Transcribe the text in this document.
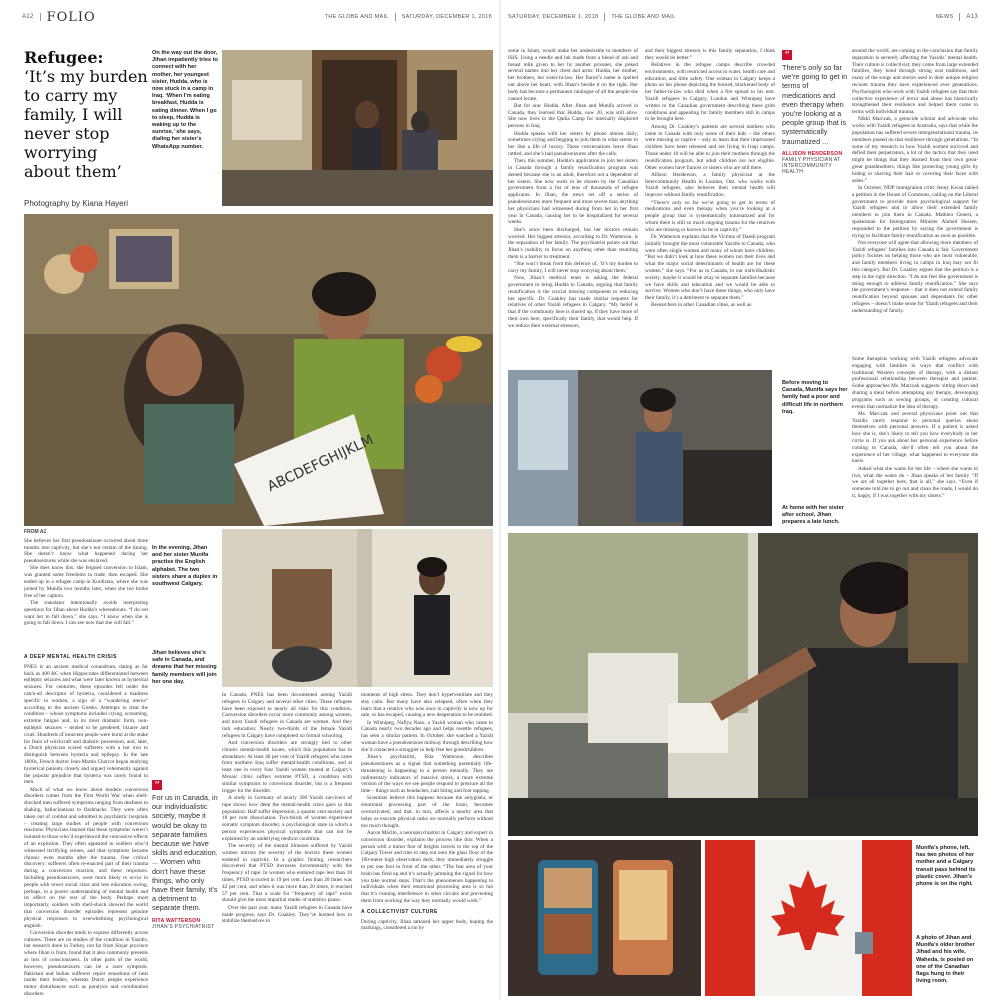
A12 FOLIO	THE GLOBE AND MAIL SATURDAY, DECEMBER 1, 2018
Refugee:
‘It’s my burden to carry my family, I will never stop worrying about them’
Photography by Kiana Hayeri
On the way out the door, Jihan impatiently tries to connect with her mother, her youngest sister, Hudda, who is now stuck in a camp in Iraq. ‘When I’m eating breakfast, Hudda is eating dinner. When I go to sleep, Hudda is waking up to the sunrise,’ she says, dialing her sister’s WhatsApp number.
ABCDEFGHIJKLM
FROM A1

She believes her first pseudoseizure occurred about three months into captivity, but she’s not certain of the timing. She doesn’t know what happened during her pseudoseizures while she was enslaved.

She does know this: she feigned conversion to Islam, was granted some freedoms in trade, then escaped. She ended up in a refugee camp in Kurdistan, where she was joined by Munifa two months later, when she too broke free of her captors.

The translator intentionally avoids interpreting questions for Jihan about Hudda’s whereabouts. “I do not want her to fall down,” she says. “I know when she is going to fall down. I can see now that she will fall.”

A DEEP MENTAL HEALTH CRISIS

PNES is an ancient medical conundrum, dating as far back as 400 BC when Hippocrates differentiated between epileptic seizures and what were later known as hysterical seizures. For centuries, these episodes fell under the catch-all descriptor of hysteria, considered a madness specific to women, a sign of a “wandering uterus” according to the ancient Greeks. Attempts to treat the condition – whose symptoms included crying, screaming, extreme fatigue and, in its most dramatic form, non-epileptic seizures – tended to be gendered, bizarre and cruel. Hundreds of innocent people were burnt at the stake for fears of witchcraft and diabolic possession, and, later, a Dutch physician scared sufferers with a hot iron to distinguish between hysteria and epilepsy. In the late 1800s, French doctor Jean-Martin Charcot began studying hysterical patients closely and argued vehemently against the popular prejudice that hysteria was rarely found in men.

Much of what we know about modern conversion disorders comes from the First World War when shell-shocked men suffered symptoms ranging from deafness to shaking, hallucinations to flashbacks. They were often taken out of combat and admitted to psychiatric hospitals – creating large studies of people with conversion reactions. Physicians learned that these symptoms weren’t isolated to those who’d experienced the concussive effects of an explosion. They often appeared in soldiers who’d witnessed terrifying scenes, and that symptoms became chronic even months after the trauma. One critical discovery: sufferers often re-enacted part of their trauma during a conversion reaction, and these responses. Including pseudoseizures, were more likely to occur in people with lower social class and less education owing, perhaps, to a poorer understanding of mental health and its effect on the rest of the body. Perhaps most importantly, soldiers with shell-shock showed the world that conversion disorder episodes represent genuine physical responses to overwhelming psychological anguish.

Conversion disorder tends to express differently across cultures. There are no studies of the condition in Yazidis, but research done in Turkey, not far from Sinjar province where Jihan is from, found that it also commonly presents as loss of consciousness. In other parts of the world, however, pseudoseizures can be a rarer symptom. Pakistani and Indian sufferers report sensations of heat inside their bodies, whereas Dutch people experience motor disturbances such as paralysis and coordination disorders.

In the evening, Jihan and her sister Munifa practise the English alphabet. The two sisters share a duplex in southwest Calgary.
Jihan believes she’s safe in Canada, and dreams that her missing family members will join her one day.
“
For us in Canada, in our individualistic society, maybe it would be okay to separate families because we have skills and education. ... Women who don’t have these things, who only have their family, it’s a detriment to separate them.
RITA WATTERSON
JIHAN’S PSYCHIATRIST

In Canada, PNES has been documented among Yazidi refugees in Calgary and several other cities. These refugees have been exposed to nearly all risks for this condition. Conversion disorders occur more commonly among women, and most Yazidi refugees in Canada are women. And they lack education: Nearly two-thirds of the female Yazidi refugees in Calgary have completed no formal schooling.

And conversion disorders are strongly tied to other chronic mental-health issues, which this population has in abundance: At least 40 per cent of Yazidi refugees who came from northern Iraq suffer mental-health conditions, and at least one in every four Yazidi women treated at Calgary’s Mosaic clinic suffers extreme PTSD, a condition with similar symptoms to conversion disorder, but is a frequent trigger for the disorder.

A study in Germany of nearly 300 Yazidi survivors of rape shows how deep the mental-health crisis goes in this population: Half suffer depression, a quarter cent anxiety and 18 per cent dissociation. Two-thirds of women experience somatic symptom disorder, a psychological state in which a person experiences physical symptoms that can not be explained by an underlying medical condition.

The severity of the mental illnesses suffered by Yazidi women mirrors the severity of the horrors these women endured in captivity. In a graphic finding, researchers discovered that PTSD increases incrementally with the frequency of rape: In women who endured rape less than 10 times, PTSD occurred in 19 per cent. Less than 20 times was 42 per cent, and when it was more than 20 times, it reached 57 per cent. That a scale for “frequency of rape” exists should give the most impartial reader of statistics pause.

Over the past year, many Yazidi refugees in Canada have made progress, says Dr. Coakley. They’ve learned how to stabilize themselves in

moments of high stress. They don’t hyperventilate and they stay calm. But many have also relapsed, often when they learn that a relative who was once in captivity is now up for sale, or has escaped, causing a new desperation to be reunited.

In Winnipeg, Nafiya Naso, a Yazidi woman who came to Canada nearly two decades ago and helps resettle refugees, has seen a similar pattern. In October, she watched a Yazidi woman have a pseudoseizure midway through describing how she’d contacted a smuggler to help free her grandchildren.

Jihan’s psychiatrist, Rita Watterson, describes pseudoseizures as a signal that something potentially life-threatening is happening to a person mentally. They are rudimentary indicators of massive stress, a more extreme version of the ways we see people respond to pressure all the time – things such as headaches, nail biting and foot tapping.

Scientists believe this happens because the amygdala, or emotional processing part of the brain, becomes overactivated, and that, in turn, affects a nearby area that helps us execute physical tasks we normally perform without too much thought.

Aaron Maclin, a neuropsychiatrist in Calgary and expert in conversion disorder, explains the process like this: When a person with a minor fear of heights travels to the top of the Calgary Tower and tries to step out onto the glass floor of the 160-metre high observation deck, they immediately struggle to put one foot in front of the other. “The fear area of your brain has fired up and it’s actually jamming the signal for how you take normal steps. That’s the phenomenon happening to individuals when their emotional processing area is so hot that it’s running interference in other circuits and preventing them from working the way they normally would work.”

A COLLECTIVIST CULTURE

During captivity, Jihan tattooed her upper body, hoping the markings, considered a sin by

SATURDAY, DECEMBER 1, 2018 THE GLOBE AND MAIL	NEWS A13

some in Islam, would make her undesirable to members of ISIS. Using a needle and ink made from a blend of ash and breast milk given to her by another prisoner, she poked several names into her chest and arms: Hudda, her mother, her brothers, her sister-in-law. Her fiancé’s name is spelled out above her heart, with Jihan’s beside it on the right. Her body has become a permanent catalogue of all the people she cannot locate.

But for one: Hudda. After Jihan and Munifa arrived in Canada, they learned that Hudda, now 20, was still alive. She now lives in the Qadia Camp for internally displaced persons in Iraq.

Hudda speaks with her sisters by phone almost daily, sometimes crying and begging to join them in what seems to her like a life of luxury. These conversations leave Jihan rattled, and she’s had pseudoseizures after the calls.

Then, this summer, Hudda’s application to join her sisters in Canada through a family reunification program was denied because she is an adult, therefore not a dependent of her sisters. She now waits to be chosen by the Canadian government from a list of tens of thousands of refugee applicants. In Jihan, the news set off a series of pseudoseizures more frequent and more severe than anything her physicians had witnessed during from her in her first year in Canada, causing her to be hospitalized for several weeks.

She’s since been discharged, but her doctors remain worried. Her biggest stressor, according to Dr. Watterson, is the separation of her family. The psychiatrist points out that Jihan’s inability to focus on anything other than reuniting them is a barrier to treatment.

“She won’t break from this defence of, ‘It’s my burden to carry my family, I will never stop worrying about them.’

Now, Jihan’s medical team is asking the federal government to bring Hudda to Canada, arguing that family reunification is the crucial missing component to reducing her specific. Dr. Coakley has made similar requests for relatives of other Yazidi refugees in Calgary. “My belief is that if the community here is shored up, if they have more of their own here, specifically their family, that would help. If we reduce their external stressors,

and their biggest stressor is this family separation, I think they would do better.”

Relatives in the refugee camps describe crowded environments, with restricted access to water, health care and education, and little safety. One woman in Calgary keeps a photo on her phone depicting the burned, blackened body of her father-in-law who died when a fire spread to his tent. Yazidi refugees in Calgary, London and Winnipeg have written to the Canadian government describing these grim conditions and appealing for family members still in camps to be brought here.

Among Dr. Coakley’s patients are several mothers who came to Canada with only some of their kids – the others were missing or captive – only to learn that their imprisoned children have been released and are living in Iraqi camps. Those under 18 will be able to join their mothers through the reunification program, but adult children are not eligible. Other women have fiancés or sisters who are still there.

Allison Henderson, a family physician at the Intercommunity Health in London, Ont. who works with Yazidi refugees, also believes their mental health will improve without family reunification.

“There’s only so far we’re going to get in terms of medications and even therapy when you’re looking at a people group that is systematically traumatized and for whom there is still so much ongoing trauma for the relatives who are missing or known to be in captivity.”

Dr. Watterson explains that the Victims of Daesh program initially brought the most vulnerable Yazidis to Canada, who were often single women and many of whom have children. “But we didn’t look at how these women run their lives and what the major social determinants of health are for these women,” she says. “For us in Canada, in our individualistic society, maybe it would be okay to separate families because we have skills and education and we would be able to survive. Women who don’t have these things, who only have their family, it’s a detriment to separate them.”

Researchers in other Canadian cities, as well as

“
There’s only so far we’re going to get in terms of medications and even therapy when you’re looking at a people group that is systematically traumatized ...
ALLISON HENDERSON
FAMILY PHYSICIAN AT INTERCOMMUNITY HEALTH

around the world, are coming to the conclusion that family separation is severely affecting the Yazidis’ mental health. Their culture is collectivist; they come from large extended families, they bond through strong oral traditions, and many of the songs and stories used in their unique religion recount trauma they have experienced over generations. Psychologists who work with Yazidi refugees say that their collective experience of terror and abuse has historically strengthened their resilience and helped them come to terms with individual trauma.

Nikki Marczak, a genocide scholar and advocate who works with Yazidi refugees in Australia, says that while the population has suffered severe intergenerational trauma, its members passed on that resilience through generations. “In some of my research in how Yazidi women survived and defied their perpetrators, a lot of the tactics that they used might be things that they learned from their own great-great grandmothers, things like protecting young girls by hiding or shaving their hair or covering their faces with ashes.”

In October, NDP immigration critic Jenny Kwan tabled a petition in the House of Commons, calling on the Liberal government to provide more psychological support for Yazidi refugees and to allow their extended family members to join them in Canada. Mathieu Genest, a spokesman for Immigration Minister Ahmed Hussen, responded to the petition by saying the government is trying to facilitate family reunification as soon as possible.

Not everyone will agree that allowing more members of Yazidi refugees’ families into Canada is fair. Government policy focuses on helping those who are most vulnerable, and family members living in camps in Iraq may not fit this category. But Dr. Coakley argues that the petition is a step in the right direction. “I do not feel like government is doing enough to address family reunification.” She says the government’s response – that it does not extend family reunification beyond spouses and dependants for other refugees – doesn’t make sense for Yazidi refugees and their understanding of family.

Before moving to Canada, Munifa says her family had a poor and difficult life in northern Iraq.
At home with her sister after school, Jihan prepares a late lunch.

Some therapists working with Yazidi refugees advocate engaging with families in ways that conflict with traditional Western concepts of therapy, with a distant professional relationship between therapist and patient. Some approaches Ms. Marczak suggests: sitting down and sharing a meal before attempting any therapy, developing programs such as sewing groups, or creating cultural events that normalize the idea of therapy.

Ms. Marczak and several physicians point out that Yazidis rarely respond to personal queries about themselves with personal answers. If a patient is asked how she is, she’s likely to tell you how everybody in her circle is. If you ask about her personal experience before coming to Canada, she’ll often tell you about the experience of her village, what happened to everyone she knew.

Asked what she wants for her life – where she wants to live, what she wants do – Jihan speaks of her family. “If we are all together here, that is all,” she says. “Even if someone told me to go out and clean the roads, I would do it, happy, if I was together with my sisters.”

Munifa’s phone, left, has two photos of her mother and a Calgary transit pass behind its plastic cover. Jihan’s phone is on the right.
A photo of Jihan and Munifa’s older brother Jihad and his wife, Waheda, is posted on one of the Canadian flags hung in their living room.
